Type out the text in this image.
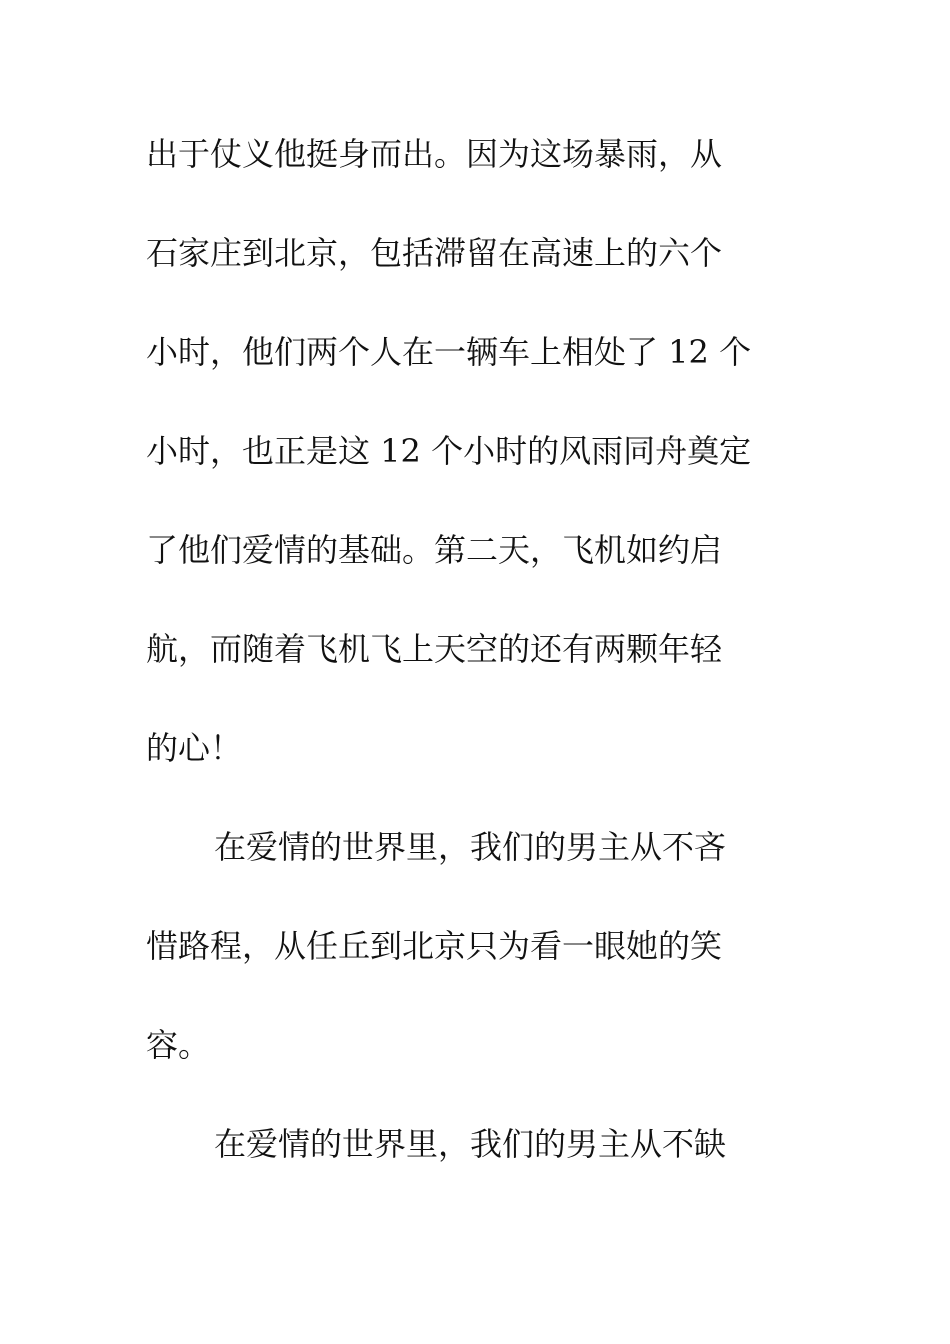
出于仗义他挺身而出。因为这场暴雨，从

石家庄到北京，包括滞留在高速上的六个

小时，他们两个人在一辆车上相处了 12 个

小时，也正是这 12 个小时的风雨同舟奠定

了他们爱情的基础。第二天，飞机如约启

航，而随着飞机飞上天空的还有两颗年轻

的心！

在爱情的世界里，我们的男主从不吝

惜路程，从任丘到北京只为看一眼她的笑

容。

在爱情的世界里，我们的男主从不缺
